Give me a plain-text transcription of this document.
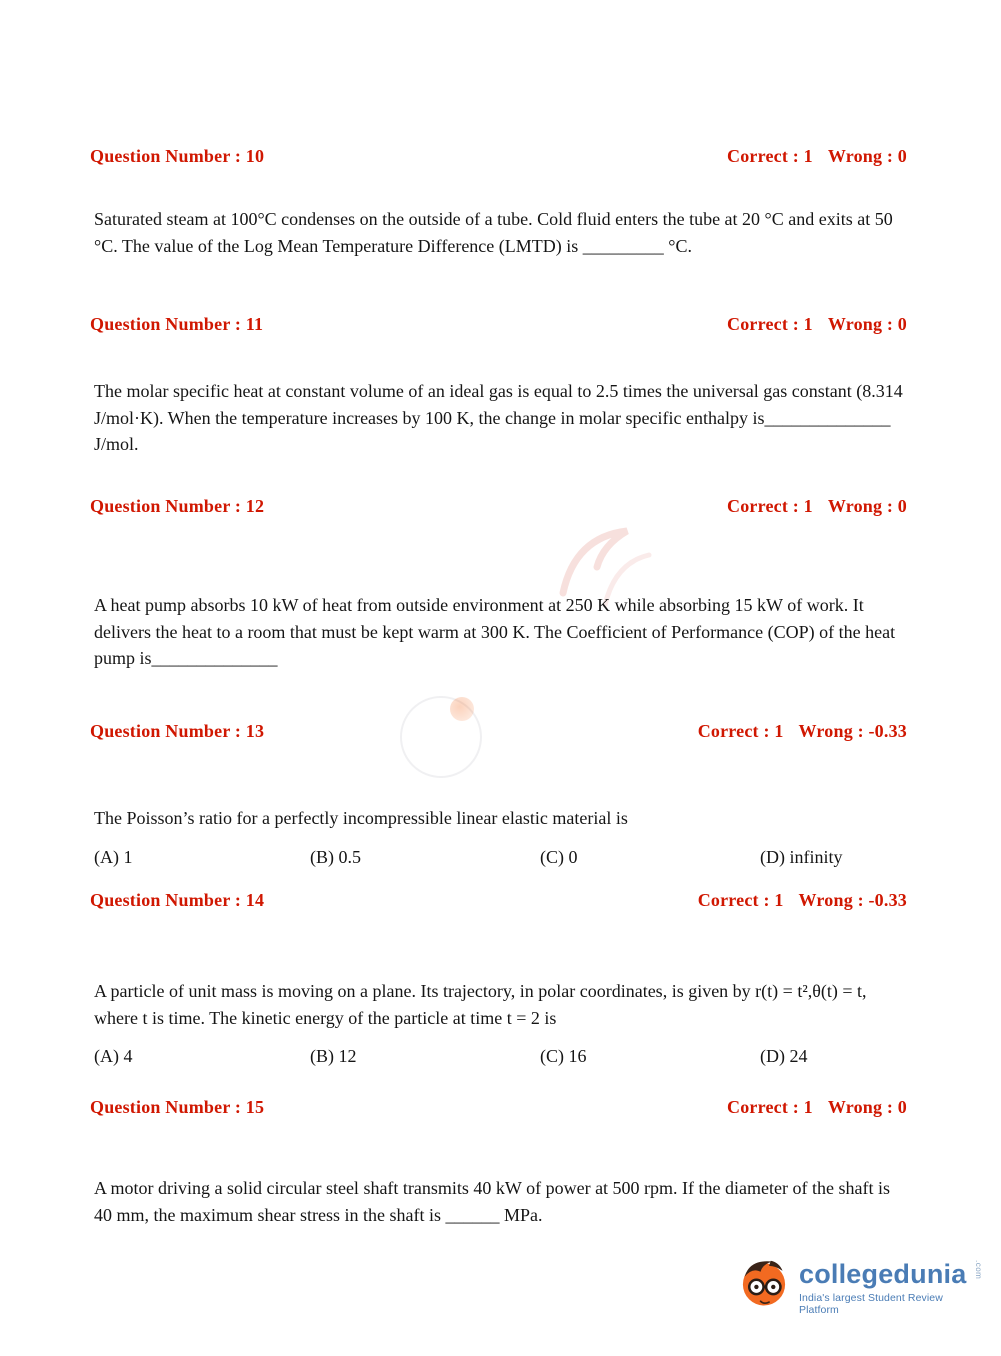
Question Number : 10	Correct : 1 Wrong : 0
Saturated steam at 100°C condenses on the outside of a tube. Cold fluid enters the tube at 20 °C and exits at 50 °C. The value of the Log Mean Temperature Difference (LMTD) is _________ °C.
Question Number : 11	Correct : 1 Wrong : 0
The molar specific heat at constant volume of an ideal gas is equal to 2.5 times the universal gas constant (8.314 J/mol·K). When the temperature increases by 100 K, the change in molar specific enthalpy is______________ J/mol.
Question Number : 12	Correct : 1 Wrong : 0
A heat pump absorbs 10 kW of heat from outside environment at 250 K while absorbing 15 kW of work. It delivers the heat to a room that must be kept warm at 300 K. The Coefficient of Performance (COP) of the heat pump is______________
Question Number : 13	Correct : 1 Wrong : -0.33
The Poisson’s ratio for a perfectly incompressible linear elastic material is
(A) 1	(B) 0.5	(C) 0	(D) infinity
Question Number : 14	Correct : 1 Wrong : -0.33
A particle of unit mass is moving on a plane. Its trajectory, in polar coordinates, is given by r(t) = t²,θ(t) = t, where t is time. The kinetic energy of the particle at time t = 2 is
(A) 4	(B) 12	(C) 16	(D) 24
Question Number : 15	Correct : 1 Wrong : 0
A motor driving a solid circular steel shaft transmits 40 kW of power at 500 rpm. If the diameter of the shaft is 40 mm, the maximum shear stress in the shaft is ______ MPa.
collegedunia .com
India's largest Student Review Platform
